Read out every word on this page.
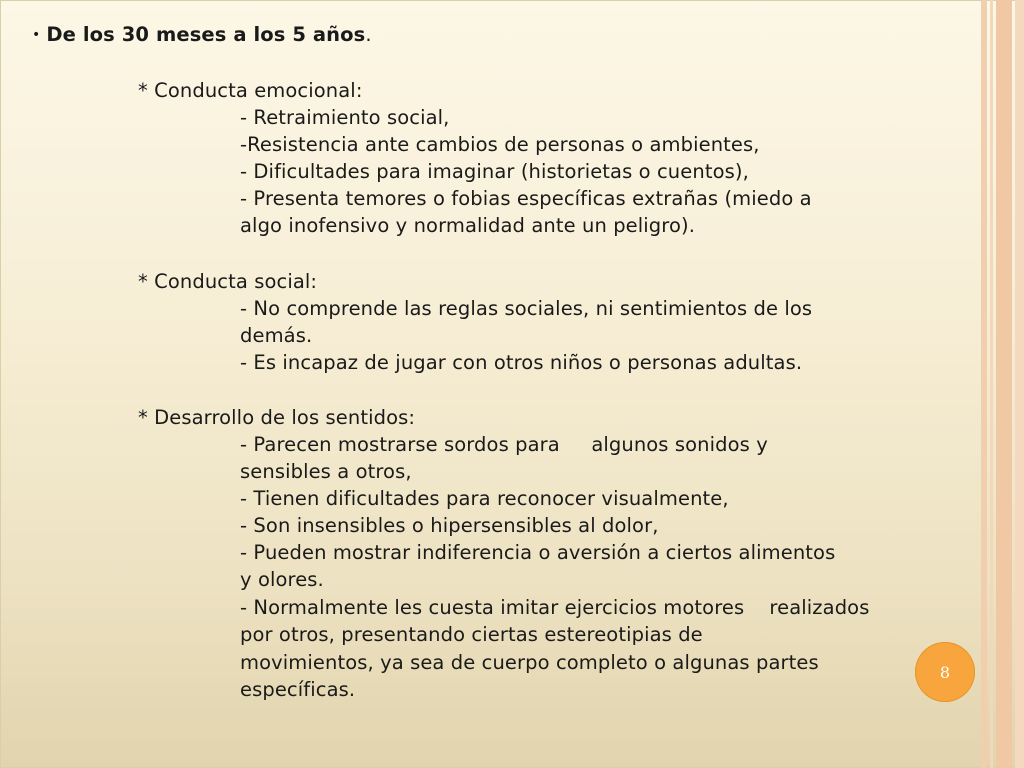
• De los 30 meses a los 5 años.
* Conducta emocional:
- Retraimiento social,
-Resistencia ante cambios de personas o ambientes,
- Dificultades para imaginar (historietas o cuentos),
- Presenta temores o fobias específicas extrañas (miedo a
algo inofensivo y normalidad ante un peligro).
* Conducta social:
- No comprende las reglas sociales, ni sentimientos de los
demás.
- Es incapaz de jugar con otros niños o personas adultas.
* Desarrollo de los sentidos:
- Parecen mostrarse sordos para     algunos sonidos y
sensibles a otros,
- Tienen dificultades para reconocer visualmente,
- Son insensibles o hipersensibles al dolor,
- Pueden mostrar indiferencia o aversión a ciertos alimentos
y olores.
- Normalmente les cuesta imitar ejercicios motores    realizados
por otros, presentando ciertas estereotipias de
movimientos, ya sea de cuerpo completo o algunas partes
específicas.
8
